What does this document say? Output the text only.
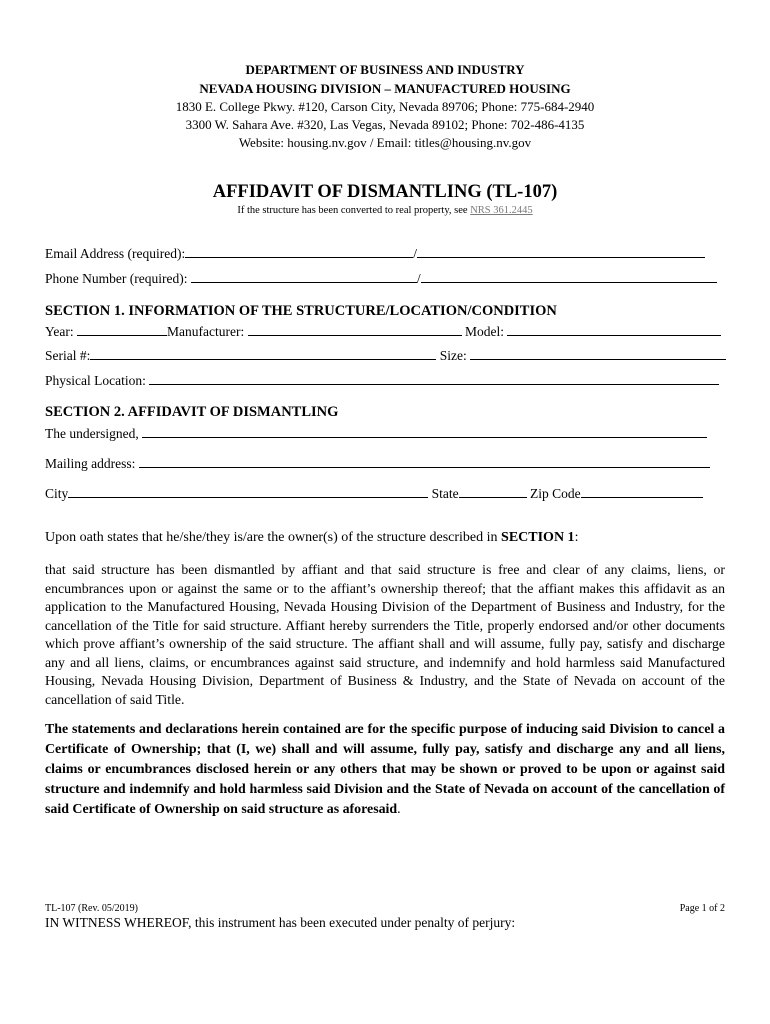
DEPARTMENT OF BUSINESS AND INDUSTRY
NEVADA HOUSING DIVISION – MANUFACTURED HOUSING
1830 E. College Pkwy. #120, Carson City, Nevada 89706; Phone: 775-684-2940
3300 W. Sahara Ave. #320, Las Vegas, Nevada 89102; Phone: 702-486-4135
Website: housing.nv.gov / Email: titles@housing.nv.gov
AFFIDAVIT OF DISMANTLING (TL-107)
If the structure has been converted to real property, see NRS 361.2445
Email Address (required):	/
Phone Number (required):	/
SECTION 1. INFORMATION OF THE STRUCTURE/LOCATION/CONDITION
Year:	Manufacturer:	Model:
Serial #:	Size:
Physical Location:
SECTION 2. AFFIDAVIT OF DISMANTLING
The undersigned,
Mailing address:
City	State	Zip Code
Upon oath states that he/she/they is/are the owner(s) of the structure described in SECTION 1:
that said structure has been dismantled by affiant and that said structure is free and clear of any claims, liens, or encumbrances upon or against the same or to the affiant’s ownership thereof; that the affiant makes this affidavit as an application to the Manufactured Housing, Nevada Housing Division of the Department of Business and Industry, for the cancellation of the Title for said structure. Affiant hereby surrenders the Title, properly endorsed and/or other documents which prove affiant’s ownership of the said structure. The affiant shall and will assume, fully pay, satisfy and discharge any and all liens, claims, or encumbrances against said structure, and indemnify and hold harmless said Manufactured Housing, Nevada Housing Division, Department of Business & Industry, and the State of Nevada on account of the cancellation of said Title.
The statements and declarations herein contained are for the specific purpose of inducing said Division to cancel a Certificate of Ownership; that (I, we) shall and will assume, fully pay, satisfy and discharge any and all liens, claims or encumbrances disclosed herein or any others that may be shown or proved to be upon or against said structure and indemnify and hold harmless said Division and the State of Nevada on account of the cancellation of said Certificate of Ownership on said structure as aforesaid.
TL-107 (Rev. 05/2019)	Page 1 of 2
IN WITNESS WHEREOF, this instrument has been executed under penalty of perjury:
